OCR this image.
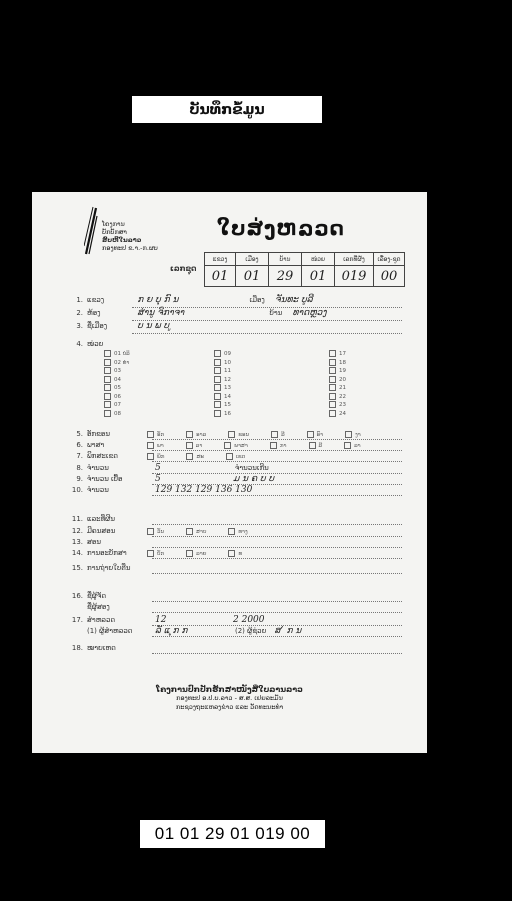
ບັນທຶກຂໍ້ມູນ
ໂຄງການ
ບັກບັກສາ
ສົບຫີໃນລາວ
ກອງທະປ ຂ.າ.-ກ.ຜບ
ໃບສ່ງຫລວດ
ເລກຊຸດ
ແຂວງ	ເມືອງ	ບ້ານ	ໜ່ວຍ	ເລກທີ່ຜັງ	ເລື່ອງ-ຊຸດ
01	01	29	01	019	00
1. ແຂວງ	ກ ຍ ບຸ ກົ ນ	ເມືອງ ຈັນທະ ບູລີ
2. ຫ້ອງ	ສ່ານູ ຈິກາຈາ	ບ້ານ ທາດຫຼວງ
3. ຊື່ເມືອງ	ບ ນ ພ ບ ູ
4. ໜ່ວຍ
01 ບໍລິ
02 ທຳ
03
04
05
06
07
08
09
10
11
12
13
14
15
16
17
18
19
20
21
22
23
24
5. ອັກຂອນ	ອັກ	ອາລ	ຂອນ	ລີ	ອົາ	ງາ
6. ພາສາ	ພາ	ລາ	ພາສາ	ກາ	ລີ	ລາ
7. ພິກສະເຂດ	ພິກ	ສະ	ເຂດ
8. ຈຳນວນ	5	ຈຳນວນເກີນ
9. ຈຳນວນ ເບື້ອ	5	ມ ນ ຄ ບ ບ
10. ຈຳນວນ	129 132 129 136 130
11. ແລະທີ່ຜີນ
12. ມີຄນສອນ	ວັນ	ສາບ	ທາງ
13. ສອນ
14. ການອະບັກສາ	ບັກ	ລາຍ	ທ
15. ການຖ່າຍໃບຕືນ
16. ຊື່ຜູ້ຈັດ
ຊື່ຜູ້ສອງ
17. ສຳຫລວດ	12	2 2000
(1) ຜູ້ສຳຫລວດ	ລັ ແ ຸກ ກ	(2) ຜູ້ຊ່ວຍ ສ ່ ກ ນ
18. ໝາຍເຫດ
ໂຄງການປົກປັກຮັກສາໜັງສືໃບລານລາວ
ກອງທະປ ອ.ປ.ບ.ລາວ - ສ.ສ. ເຢຍລະມັນ
ກະຊວງຖະແຫລງຂ່າວ ແລະ ວັດທະນະທຳ
01 01 29 01 019 00
